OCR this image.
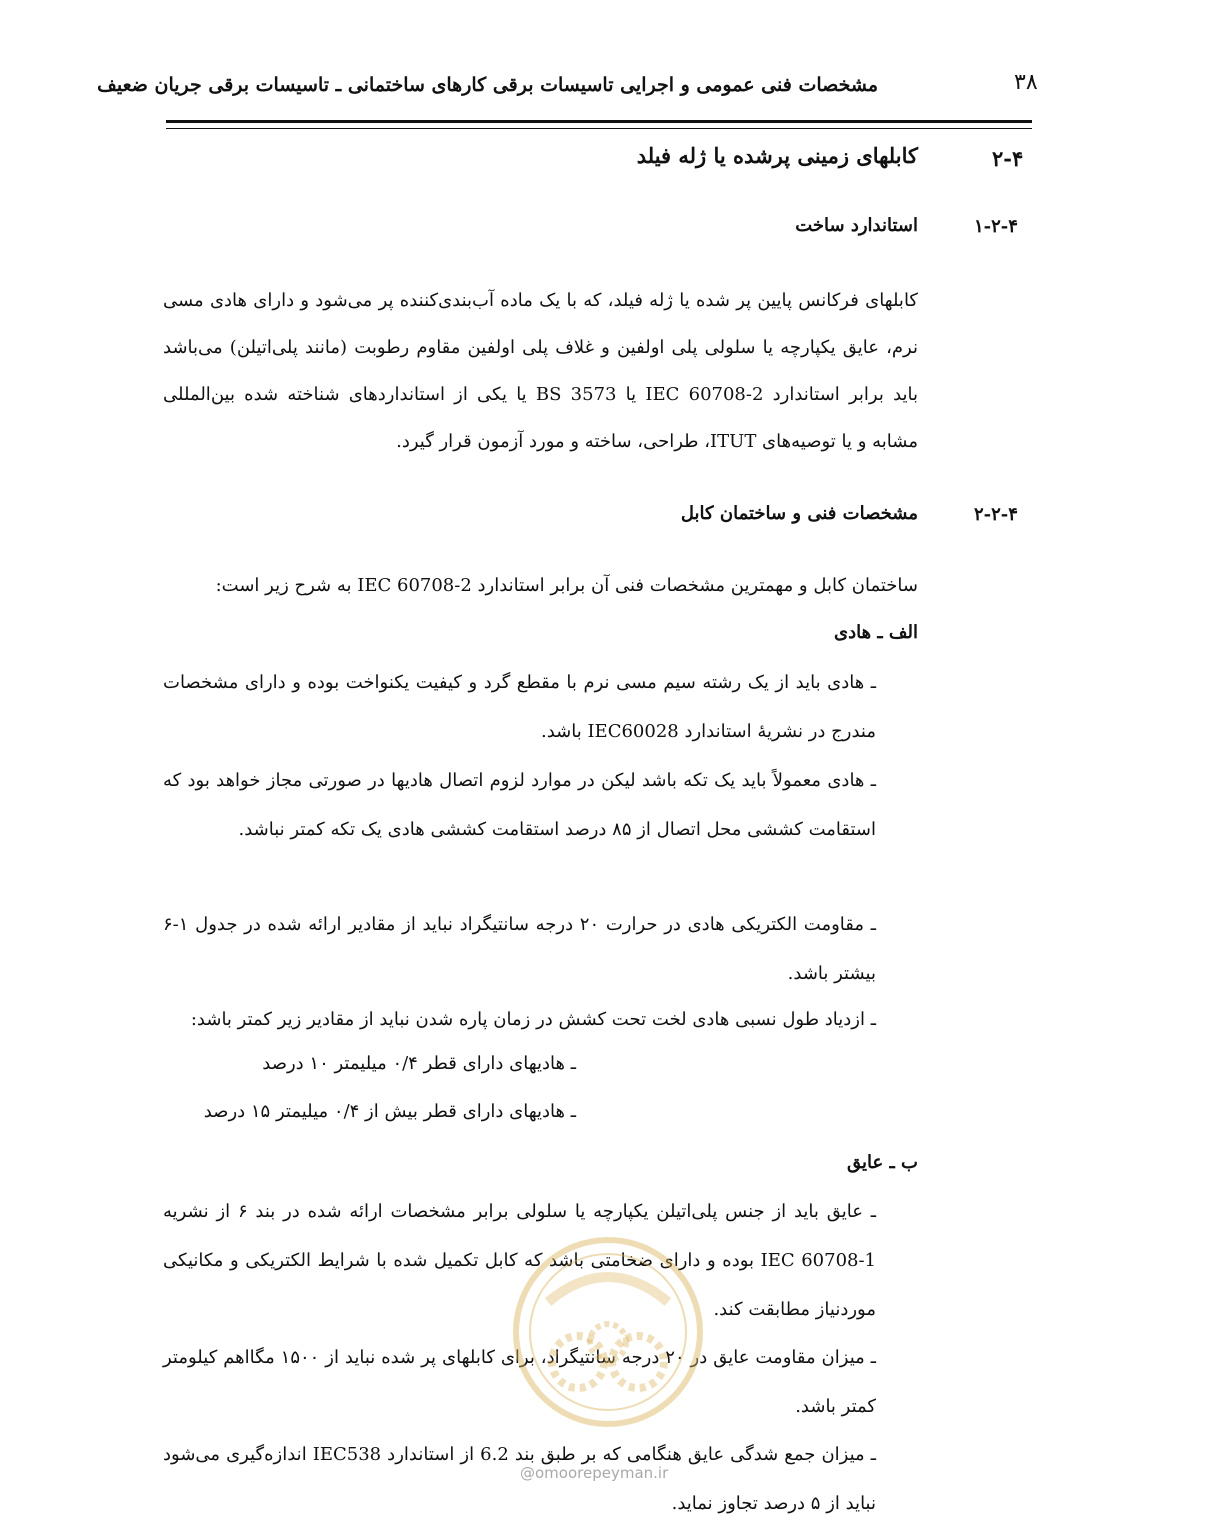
۳۸
مشخصات فنی عمومی و اجرایی تاسیسات برقی کارهای ساختمانی ـ تاسیسات برقی جریان ضعیف
۲-۴
کابلهای زمینی پرشده یا ژله فیلد
۱-۲-۴
استاندارد ساخت
کابلهای فرکانس پایین پر شده یا ژله فیلد، که با یک ماده آب‌بندی‌کننده پر می‌شود و دارای هادی مسی نرم، عایق یکپارچه یا سلولی پلی اولفین و غلاف پلی اولفین مقاوم رطوبت (مانند پلی‌اتیلن) می‌باشد باید برابر استاندارد IEC 60708-2 یا BS 3573 یا یکی از استانداردهای شناخته شده بین‌المللی مشابه و یا توصیه‌های ITUT، طراحی، ساخته و مورد آزمون قرار گیرد.
۲-۲-۴
مشخصات فنی و ساختمان کابل
ساختمان کابل و مهمترین مشخصات فنی آن برابر استاندارد IEC 60708-2 به شرح زیر است:
الف ـ هادی
ـ هادی باید از یک رشته سیم مسی نرم با مقطع گرد و کیفیت یکنواخت بوده و دارای مشخصات مندرج در نشریهٔ استاندارد IEC60028 باشد.
ـ هادی معمولاً باید یک تکه باشد لیکن در موارد لزوم اتصال هادیها در صورتی مجاز خواهد بود که استقامت کششی محل اتصال از ۸۵ درصد استقامت کششی هادی یک تکه کمتر نباشد.
ـ مقاومت الکتریکی هادی در حرارت ۲۰ درجه سانتیگراد نباید از مقادیر ارائه شده در جدول ۱-۶ بیشتر باشد.
ـ ازدیاد طول نسبی هادی لخت تحت کشش در زمان پاره شدن نباید از مقادیر زیر کمتر باشد:
ـ هادیهای دارای قطر ۰/۴ میلیمتر ۱۰ درصد
ـ هادیهای دارای قطر بیش از ۰/۴ میلیمتر ۱۵ درصد
ب ـ عایق
ـ عایق باید از جنس پلی‌اتیلن یکپارچه یا سلولی برابر مشخصات ارائه شده در بند ۶ از نشریه IEC 60708-1 بوده و دارای ضخامتی باشد که کابل تکمیل شده با شرایط الکتریکی و مکانیکی موردنیاز مطابقت کند.
ـ میزان مقاومت عایق در ۲۰ درجه سانتیگراد، برای کابلهای پر شده نباید از ۱۵۰۰ مگااهم کیلومتر کمتر باشد.
ـ میزان جمع شدگی عایق هنگامی که بر طبق بند 6.2 از استاندارد IEC538 اندازه‌گیری می‌شود نباید از ۵ درصد تجاوز نماید.
@omoorepeyman.ir
